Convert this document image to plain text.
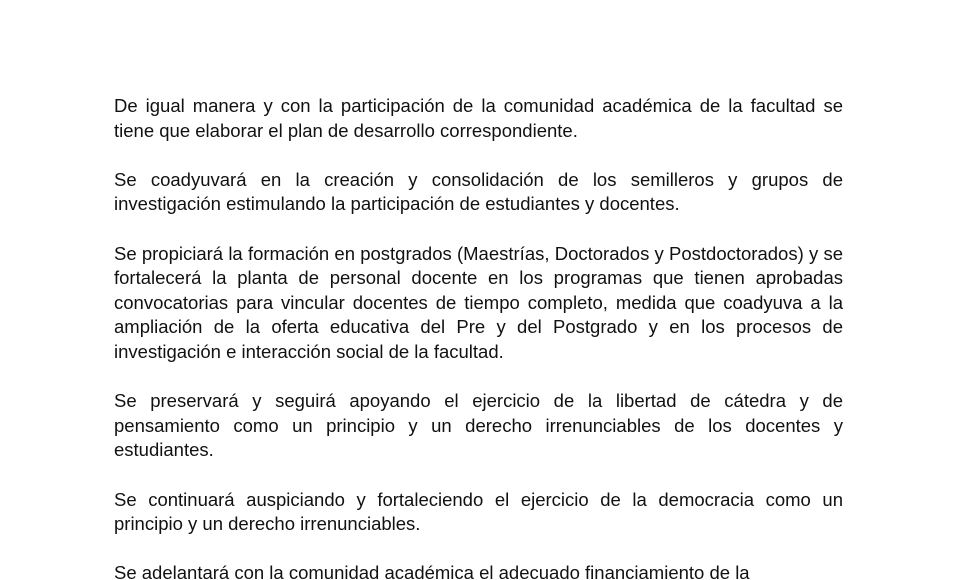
De igual manera y con la participación de la comunidad académica de la facultad se tiene que elaborar el plan de desarrollo correspondiente.

Se coadyuvará en la creación y consolidación de los semilleros y grupos de investigación estimulando la participación de estudiantes y docentes.

Se propiciará la formación en postgrados (Maestrías, Doctorados y Postdoctorados) y se fortalecerá la planta de personal docente en los programas que tienen aprobadas convocatorias para vincular docentes de tiempo completo, medida que coadyuva a la ampliación de la oferta educativa del Pre y del Postgrado y en los procesos de investigación e interacción social de la facultad.

Se preservará y seguirá apoyando el ejercicio de la libertad de cátedra y de pensamiento como un principio y un derecho irrenunciables de los docentes y estudiantes.

Se continuará auspiciando y fortaleciendo el ejercicio de la democracia como un principio y un derecho irrenunciables.

Se adelantará con la comunidad académica el adecuado financiamiento de la
